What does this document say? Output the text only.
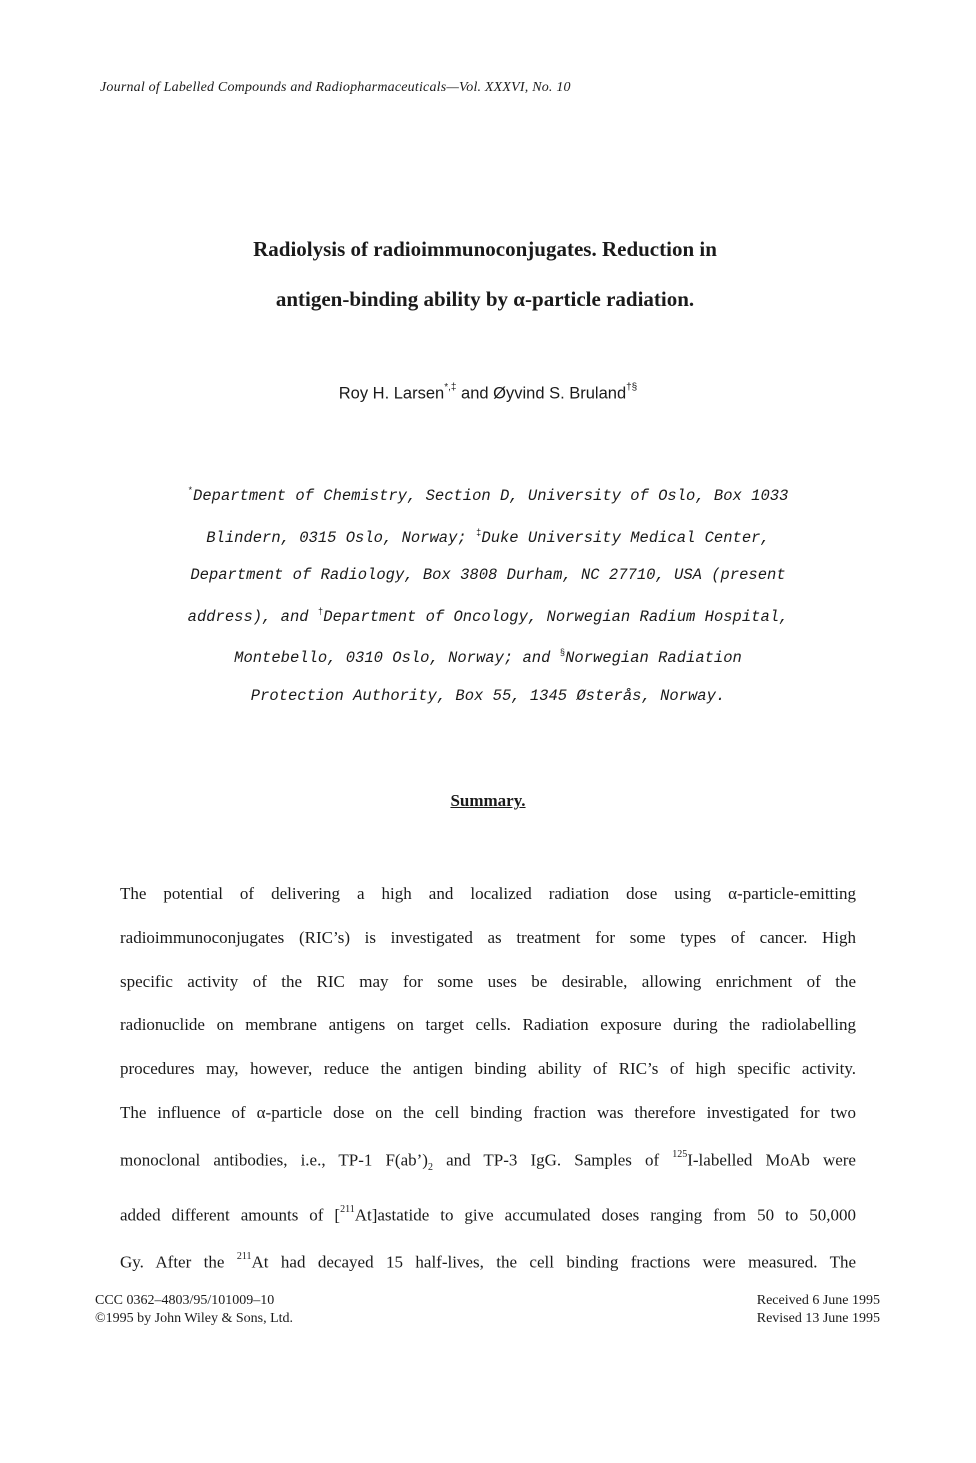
Journal of Labelled Compounds and Radiopharmaceuticals—Vol. XXXVI, No. 10
Radiolysis of radioimmunoconjugates. Reduction in
antigen-binding ability by α-particle radiation.
Roy H. Larsen*,‡ and Øyvind S. Bruland†§
*Department of Chemistry, Section D, University of Oslo, Box 1033
Blindern, 0315 Oslo, Norway; ‡Duke University Medical Center,
Department of Radiology, Box 3808 Durham, NC 27710, USA (present
address), and †Department of Oncology, Norwegian Radium Hospital,
Montebello, 0310 Oslo, Norway; and §Norwegian Radiation
Protection Authority, Box 55, 1345 Østerås, Norway.
Summary.
The potential of delivering a high and localized radiation dose using α-particle-emitting
radioimmunoconjugates (RIC’s) is investigated as treatment for some types of cancer. High
specific activity of the RIC may for some uses be desirable, allowing enrichment of the
radionuclide on membrane antigens on target cells. Radiation exposure during the radiolabelling
procedures may, however, reduce the antigen binding ability of RIC’s of high specific activity.
The influence of α-particle dose on the cell binding fraction was therefore investigated for two
monoclonal antibodies, i.e., TP-1 $F(ab’)_2$ and TP-3 IgG. Samples of $^{125}$I-labelled MoAb were
added different amounts of [$^{211}$At]astatide to give accumulated doses ranging from 50 to 50,000
Gy. After the $^{211}$At had decayed 15 half-lives, the cell binding fractions were measured. The
CCC 0362–4803/95/101009–10
©1995 by John Wiley & Sons, Ltd.
Received 6 June 1995
Revised 13 June 1995
